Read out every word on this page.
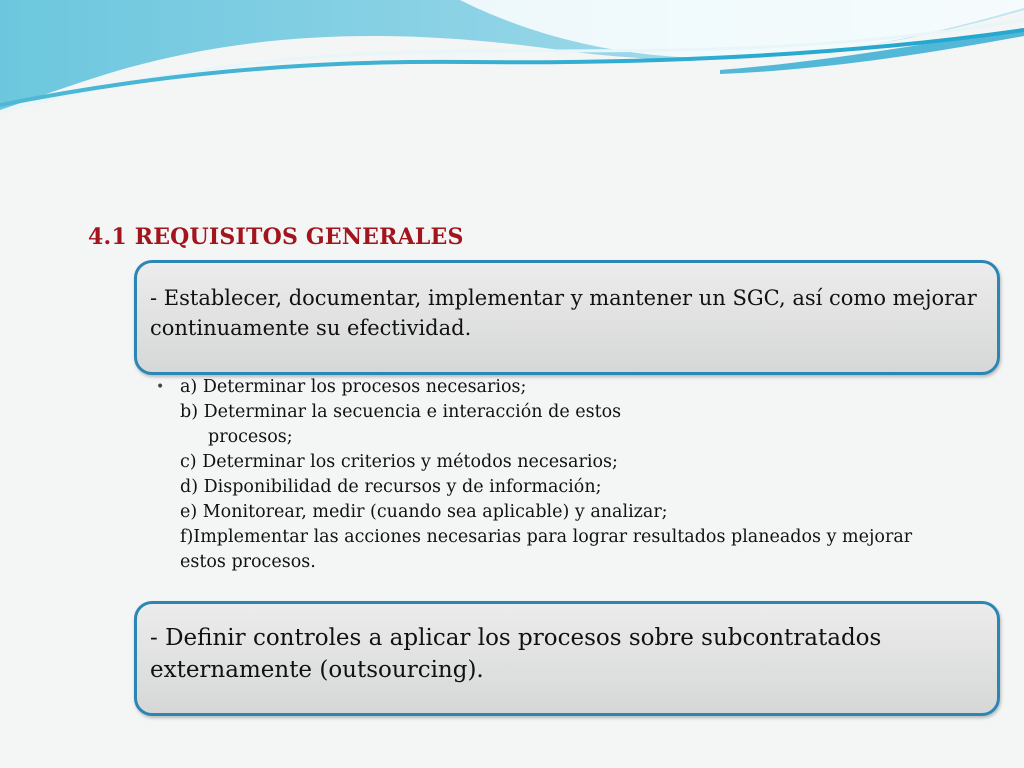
4.1 REQUISITOS GENERALES
- Establecer, documentar, implementar y mantener un SGC, así como mejorar continuamente su efectividad.
• a) Determinar los procesos necesarios;
b) Determinar la secuencia e interacción de estos
procesos;
c) Determinar los criterios y métodos necesarios;
d) Disponibilidad de recursos y de información;
e) Monitorear, medir (cuando sea aplicable) y analizar;
f)Implementar las acciones necesarias para lograr resultados planeados y mejorar
estos procesos.
- Definir controles a aplicar los procesos sobre subcontratados externamente (outsourcing).
